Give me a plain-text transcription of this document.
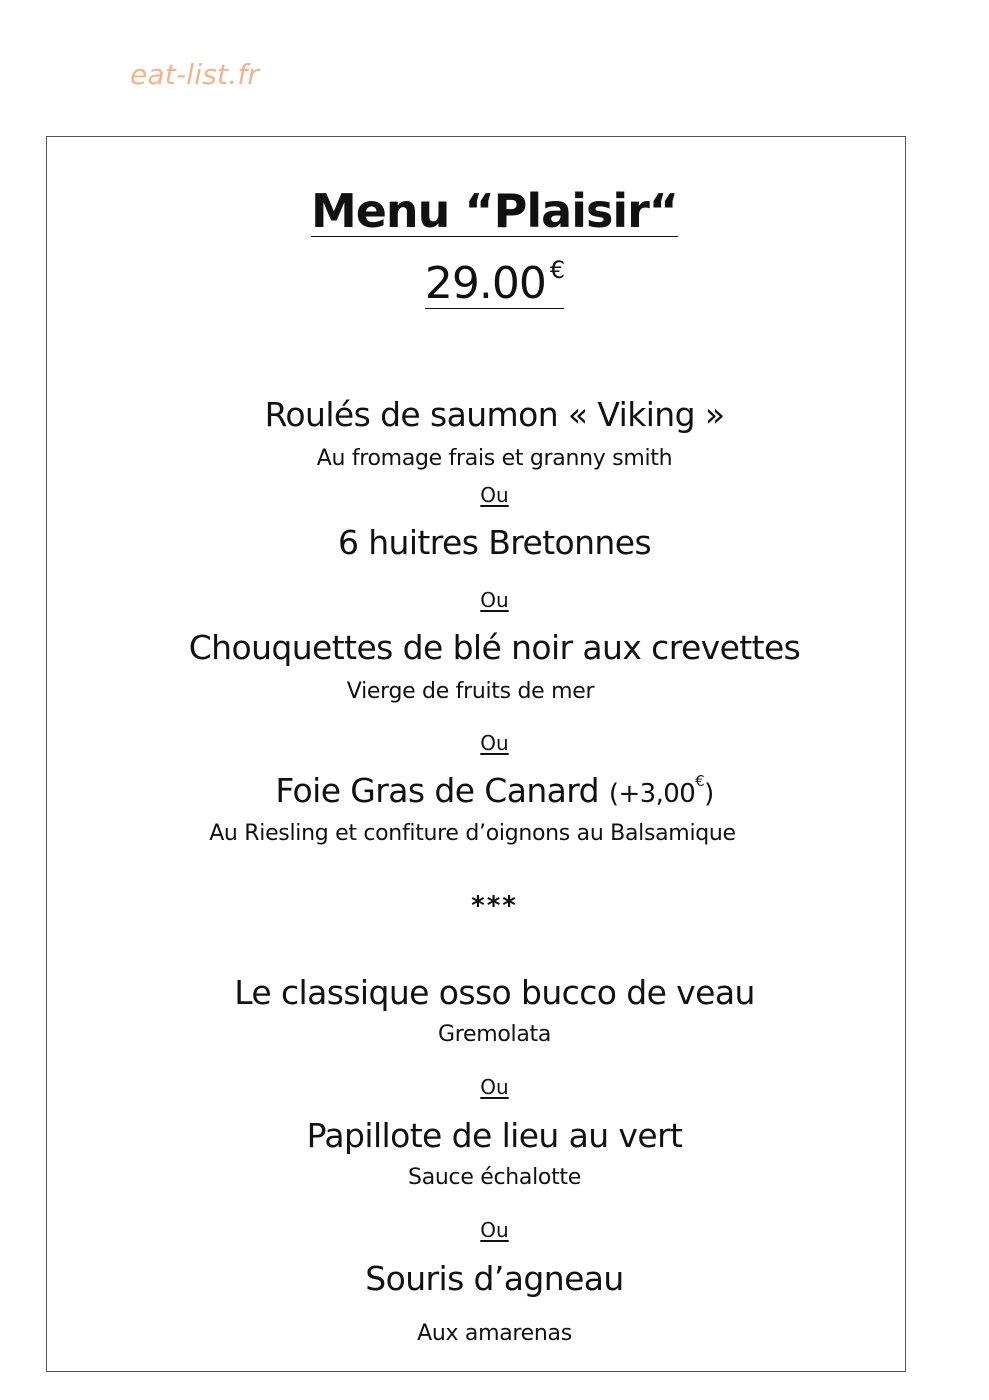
eat-list.fr
Menu “Plaisir“
29.00 €
Roulés de saumon « Viking »
Au fromage frais et granny smith
Ou
6 huitres Bretonnes
Ou
Chouquettes de blé noir aux crevettes
Vierge de fruits de mer
Ou
Foie Gras de Canard (+3,00€)
Au Riesling et confiture d’oignons au Balsamique
***
Le classique osso bucco de veau
Gremolata
Ou
Papillote de lieu au vert
Sauce échalotte
Ou
Souris d’agneau
Aux amarenas
